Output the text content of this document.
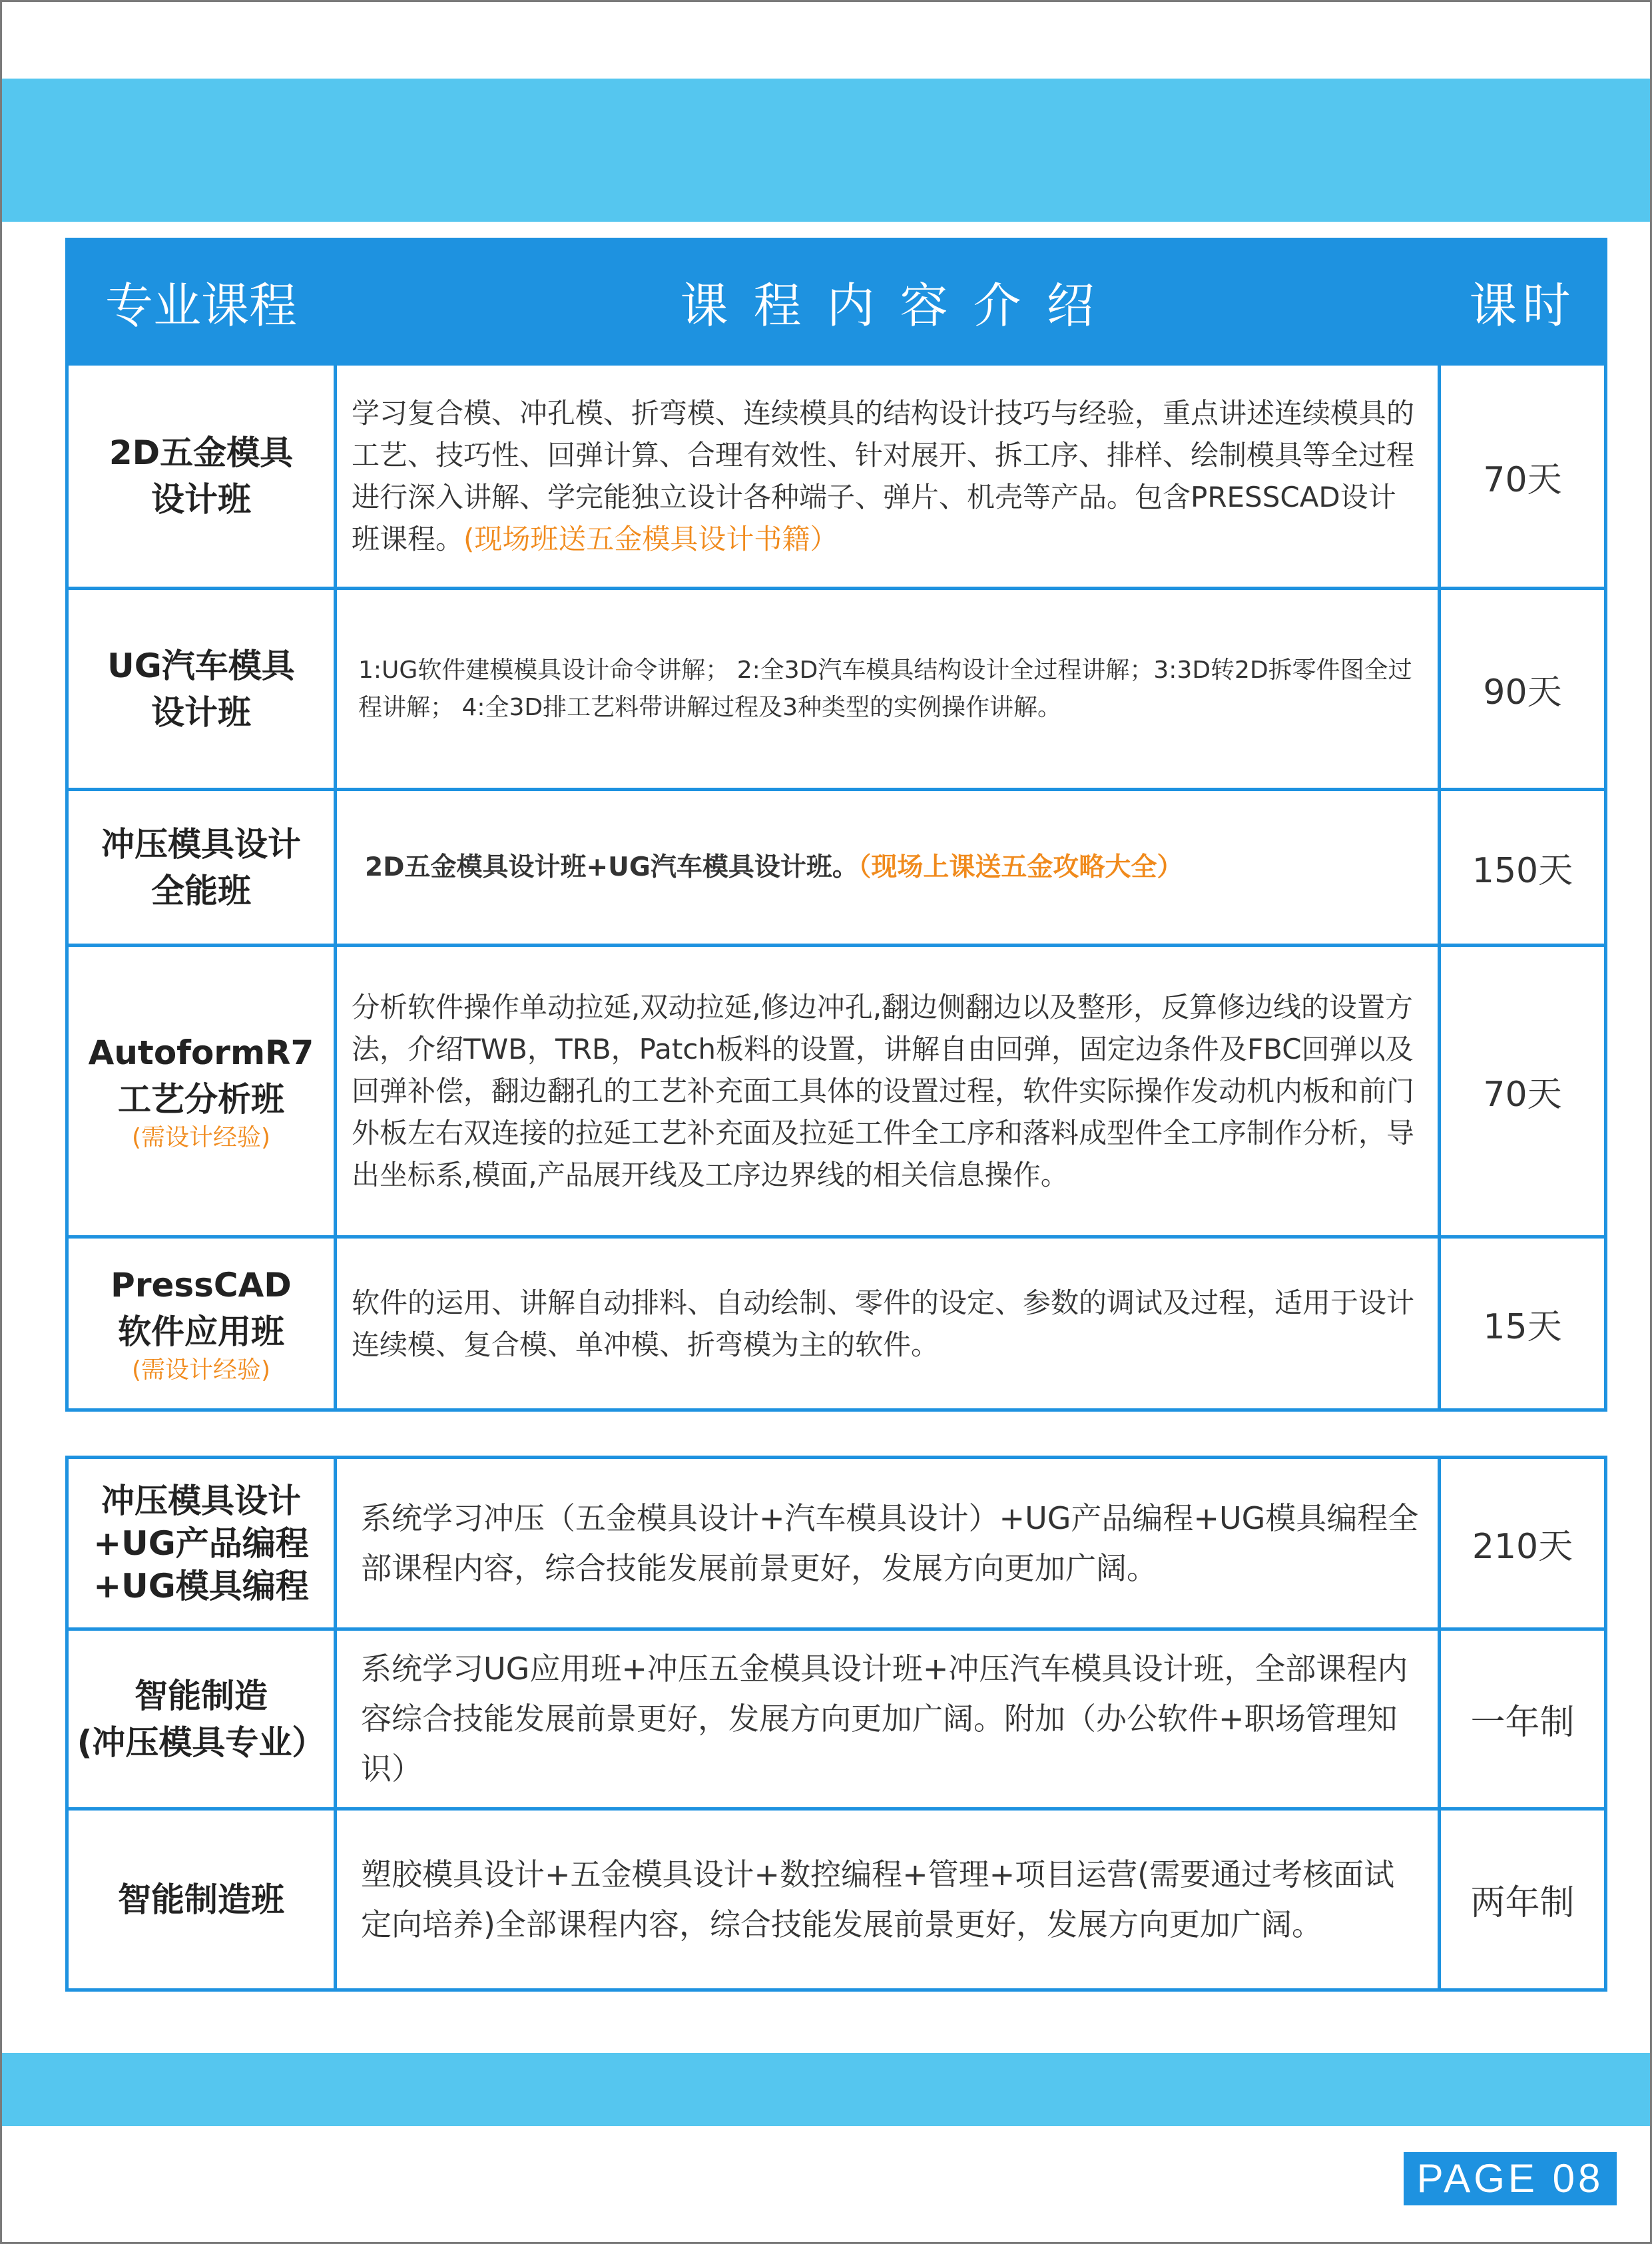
专业课程	课程内容介绍	课时

2D五金模具
设计班	学习复合模、冲孔模、折弯模、连续模具的结构设计技巧与经验，重点讲述连续模具的工艺、技巧性、回弹计算、合理有效性、针对展开、拆工序、排样、绘制模具等全过程进行深入讲解、学完能独立设计各种端子、弹片、机壳等产品。包含PRESSCAD设计班课程。(现场班送五金模具设计书籍）	70天

UG汽车模具
设计班	1:UG软件建模模具设计命令讲解； 2:全3D汽车模具结构设计全过程讲解；3:3D转2D拆零件图全过程讲解； 4:全3D排工艺料带讲解过程及3种类型的实例操作讲解。	90天

冲压模具设计
全能班	2D五金模具设计班+UG汽车模具设计班。（现场上课送五金攻略大全）	150天

AutoformR7
工艺分析班
(需设计经验)	分析软件操作单动拉延,双动拉延,修边冲孔,翻边侧翻边以及整形，反算修边线的设置方法，介绍TWB，TRB，Patch板料的设置，讲解自由回弹，固定边条件及FBC回弹以及回弹补偿，翻边翻孔的工艺补充面工具体的设置过程，软件实际操作发动机内板和前门外板左右双连接的拉延工艺补充面及拉延工件全工序和落料成型件全工序制作分析，导出坐标系,模面,产品展开线及工序边界线的相关信息操作。	70天

PressCAD
软件应用班
(需设计经验)	软件的运用、讲解自动排料、自动绘制、零件的设定、参数的调试及过程，适用于设计连续模、复合模、单冲模、折弯模为主的软件。	15天
冲压模具设计
+UG产品编程
+UG模具编程	系统学习冲压（五金模具设计+汽车模具设计）+UG产品编程+UG模具编程全部课程内容，综合技能发展前景更好，发展方向更加广阔。	210天

智能制造
(冲压模具专业）	系统学习UG应用班+冲压五金模具设计班+冲压汽车模具设计班，全部课程内容综合技能发展前景更好，发展方向更加广阔。附加（办公软件+职场管理知识）	一年制

智能制造班	塑胶模具设计+五金模具设计+数控编程+管理+项目运营(需要通过考核面试定向培养)全部课程内容，综合技能发展前景更好，发展方向更加广阔。	两年制
PAGE 08
